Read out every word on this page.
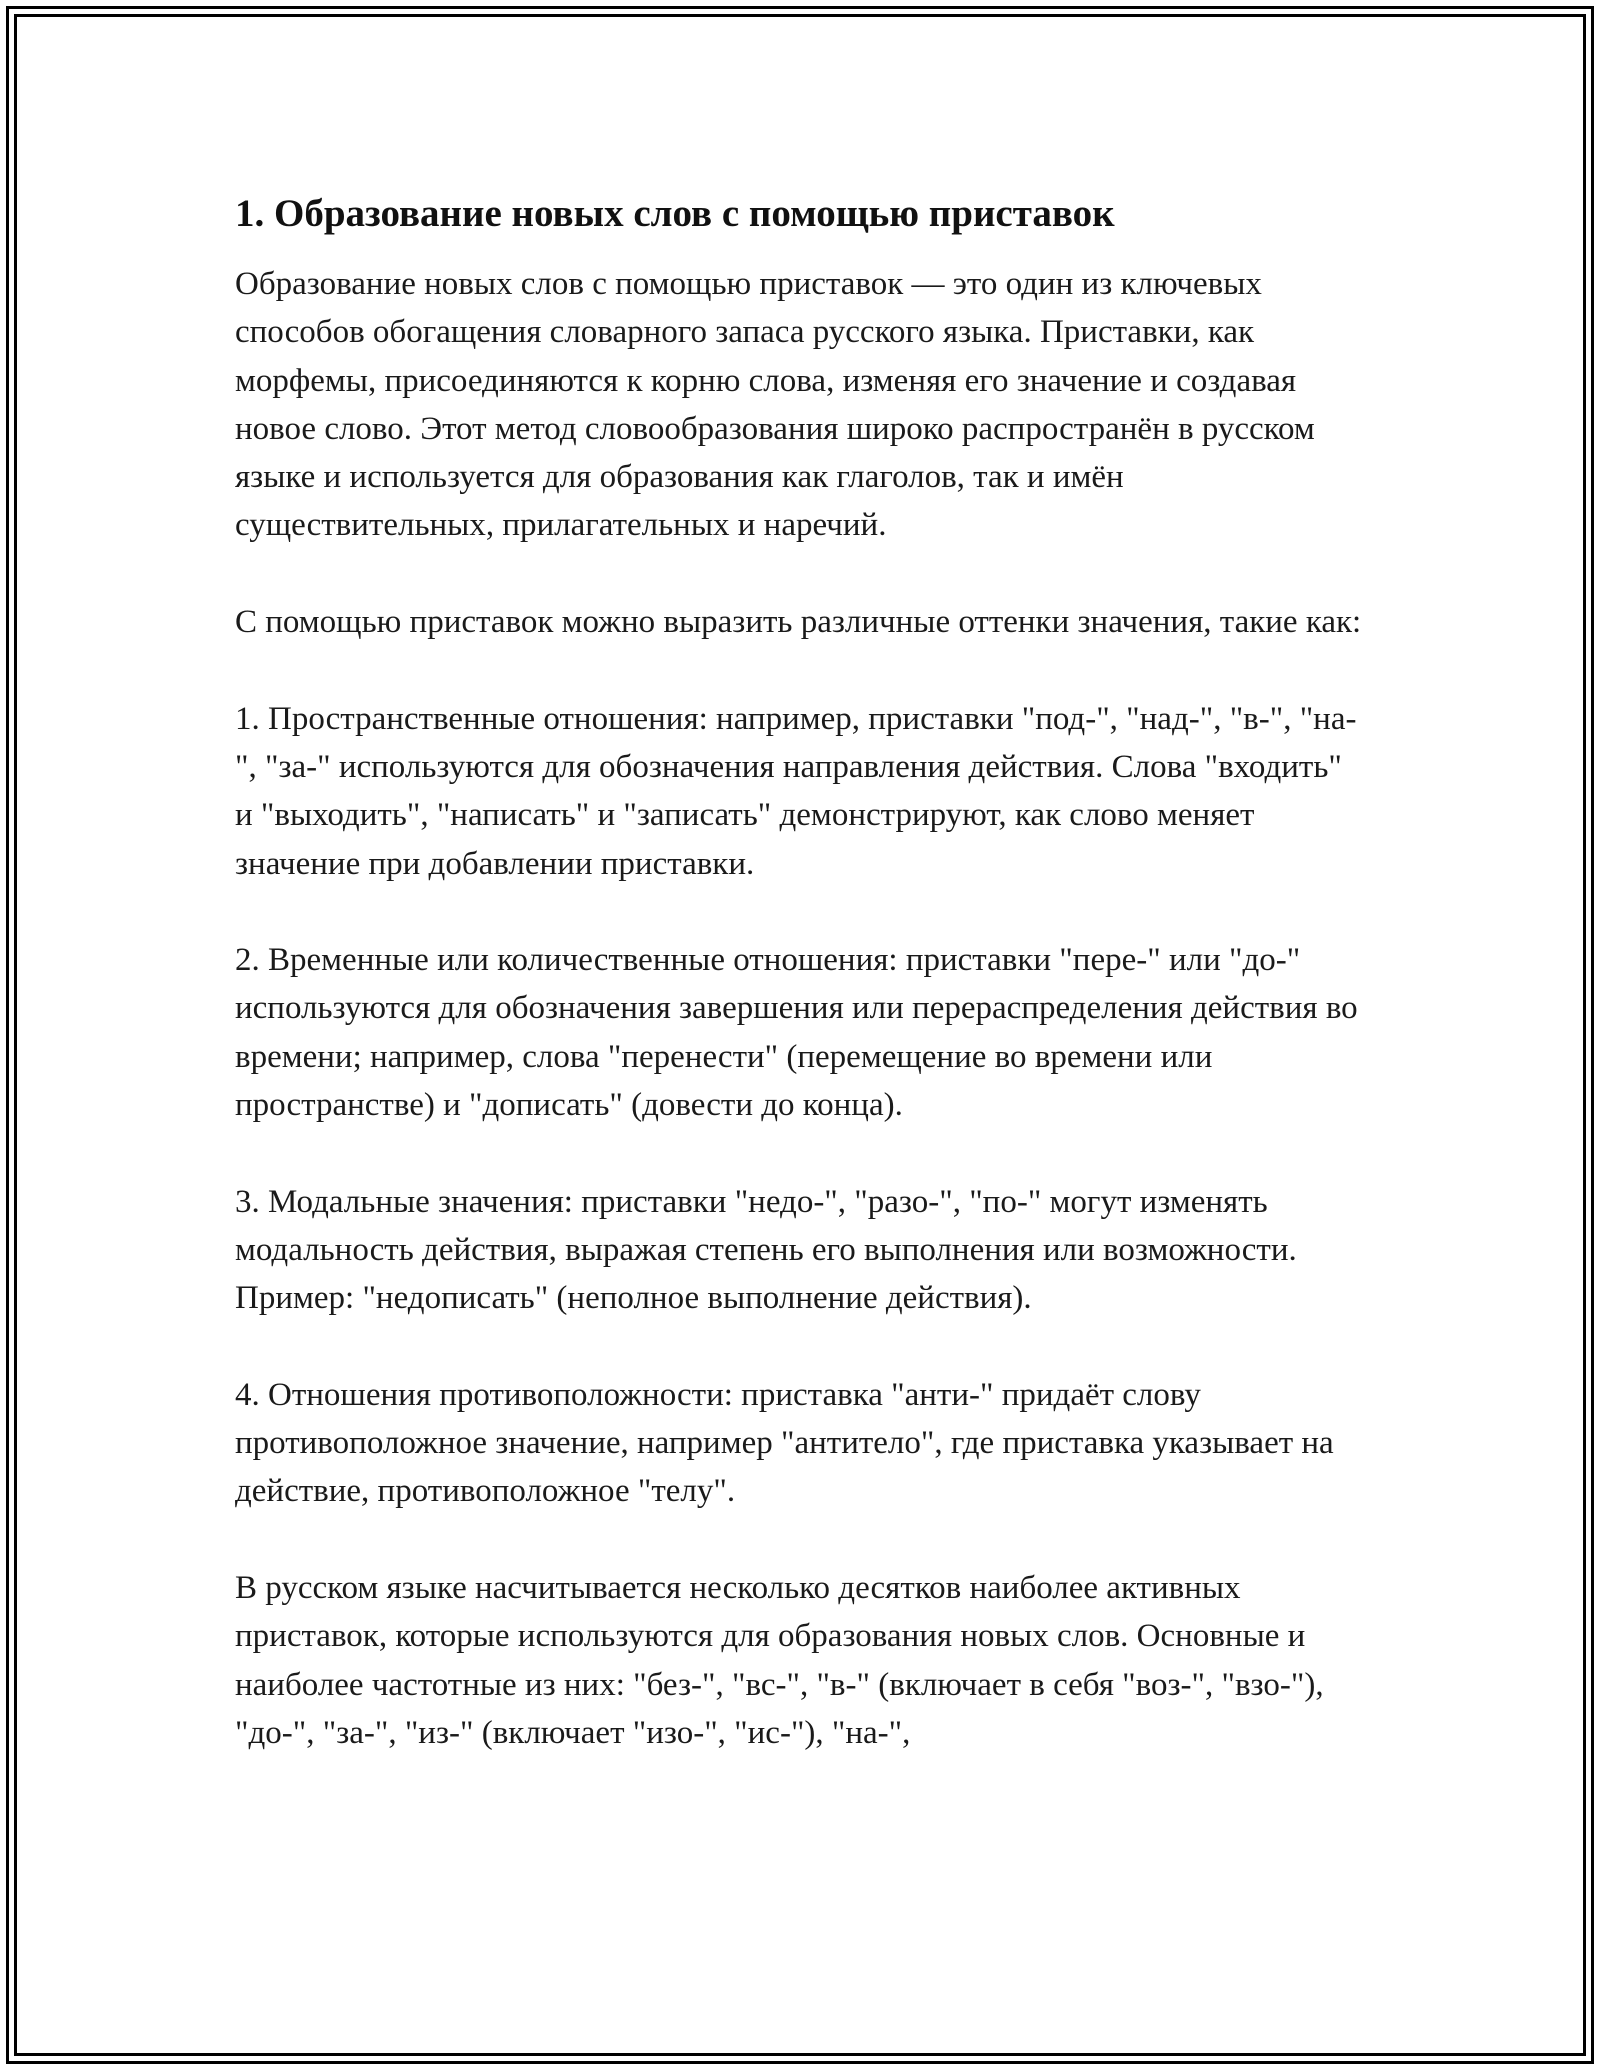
1. Образование новых слов с помощью приставок

Образование новых слов с помощью приставок — это один из ключевых способов обогащения словарного запаса русского языка. Приставки, как морфемы, присоединяются к корню слова, изменяя его значение и создавая новое слово. Этот метод словообразования широко распространён в русском языке и используется для образования как глаголов, так и имён существительных, прилагательных и наречий.

С помощью приставок можно выразить различные оттенки значения, такие как:

1. Пространственные отношения: например, приставки "под-", "над-", "в-", "на-", "за-" используются для обозначения направления действия. Слова "входить" и "выходить", "написать" и "записать" демонстрируют, как слово меняет значение при добавлении приставки.

2. Временные или количественные отношения: приставки "пере-" или "до-" используются для обозначения завершения или перераспределения действия во времени; например, слова "перенести" (перемещение во времени или пространстве) и "дописать" (довести до конца).

3. Модальные значения: приставки "недо-", "разо-", "по-" могут изменять модальность действия, выражая степень его выполнения или возможности. Пример: "недописать" (неполное выполнение действия).

4. Отношения противоположности: приставка "анти-" придаёт слову противоположное значение, например "антитело", где приставка указывает на действие, противоположное "телу".

В русском языке насчитывается несколько десятков наиболее активных приставок, которые используются для образования новых слов. Основные и наиболее частотные из них: "без-", "вс-", "в-" (включает в себя "воз-", "взо-"), "до-", "за-", "из-" (включает "изо-", "ис-"), "на-",
